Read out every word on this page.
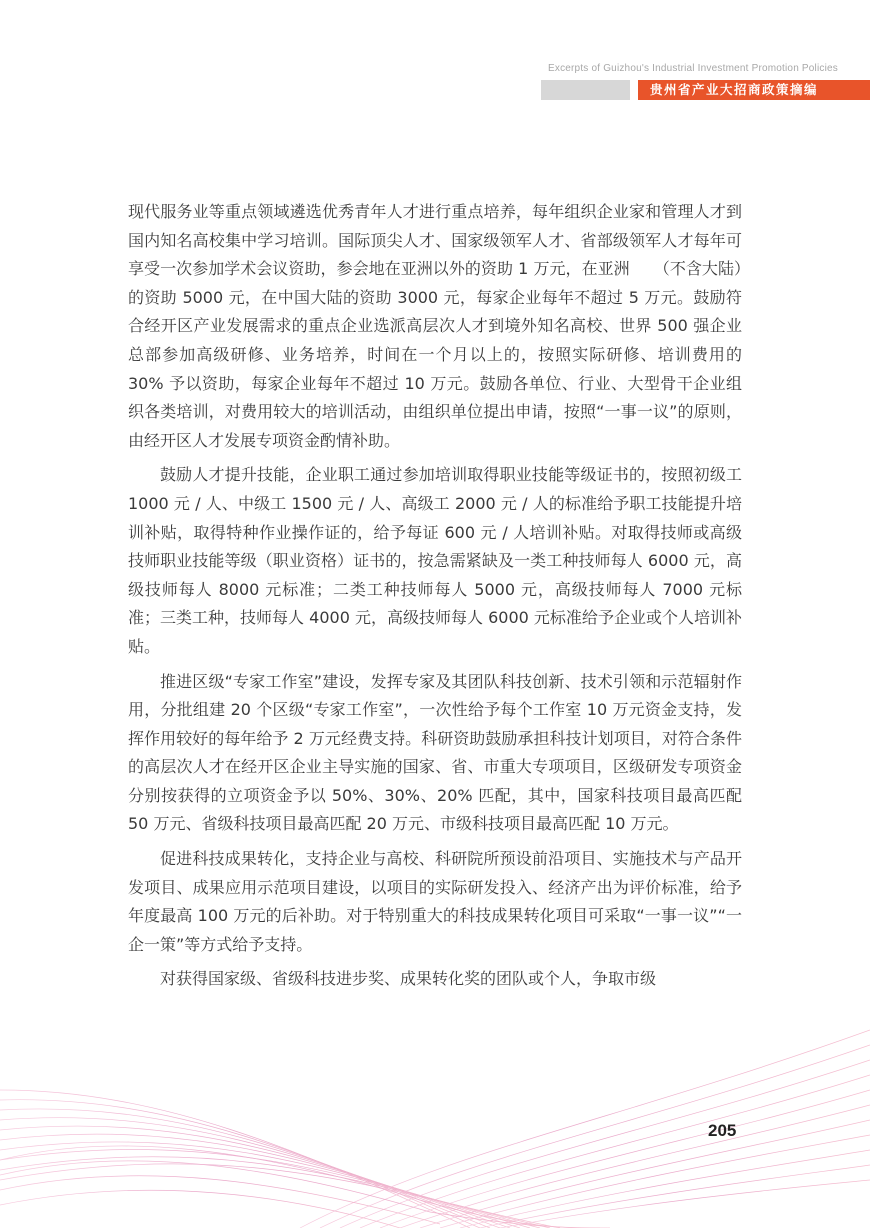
Excerpts of Guizhou's Industrial Investment Promotion Policies
贵州省产业大招商政策摘编

现代服务业等重点领域遴选优秀青年人才进行重点培养，每年组织企业家和管理人才到国内知名高校集中学习培训。国际顶尖人才、国家级领军人才、省部级领军人才每年可享受一次参加学术会议资助，参会地在亚洲以外的资助 1 万元，在亚洲　　（不含大陆）的资助 5000 元，在中国大陆的资助 3000 元，每家企业每年不超过 5 万元。鼓励符合经开区产业发展需求的重点企业选派高层次人才到境外知名高校、世界 500 强企业总部参加高级研修、业务培养，时间在一个月以上的，按照实际研修、培训费用的 30% 予以资助，每家企业每年不超过 10 万元。鼓励各单位、行业、大型骨干企业组织各类培训，对费用较大的培训活动，由组织单位提出申请，按照“一事一议”的原则，由经开区人才发展专项资金酌情补助。

鼓励人才提升技能，企业职工通过参加培训取得职业技能等级证书的，按照初级工 1000 元 / 人、中级工 1500 元 / 人、高级工 2000 元 / 人的标准给予职工技能提升培训补贴，取得特种作业操作证的，给予每证 600 元 / 人培训补贴。对取得技师或高级技师职业技能等级（职业资格）证书的，按急需紧缺及一类工种技师每人 6000 元，高级技师每人 8000 元标准；二类工种技师每人 5000 元，高级技师每人 7000 元标准；三类工种，技师每人 4000 元，高级技师每人 6000 元标准给予企业或个人培训补贴。

推进区级“专家工作室”建设，发挥专家及其团队科技创新、技术引领和示范辐射作用，分批组建 20 个区级“专家工作室”，一次性给予每个工作室 10 万元资金支持，发挥作用较好的每年给予 2 万元经费支持。科研资助鼓励承担科技计划项目，对符合条件的高层次人才在经开区企业主导实施的国家、省、市重大专项项目，区级研发专项资金分别按获得的立项资金予以 50%、30%、20% 匹配，其中，国家科技项目最高匹配 50 万元、省级科技项目最高匹配 20 万元、市级科技项目最高匹配 10 万元。

促进科技成果转化，支持企业与高校、科研院所预设前沿项目、实施技术与产品开发项目、成果应用示范项目建设，以项目的实际研发投入、经济产出为评价标准，给予年度最高 100 万元的后补助。对于特别重大的科技成果转化项目可采取“一事一议”“一企一策”等方式给予支持。

对获得国家级、省级科技进步奖、成果转化奖的团队或个人，争取市级

205
